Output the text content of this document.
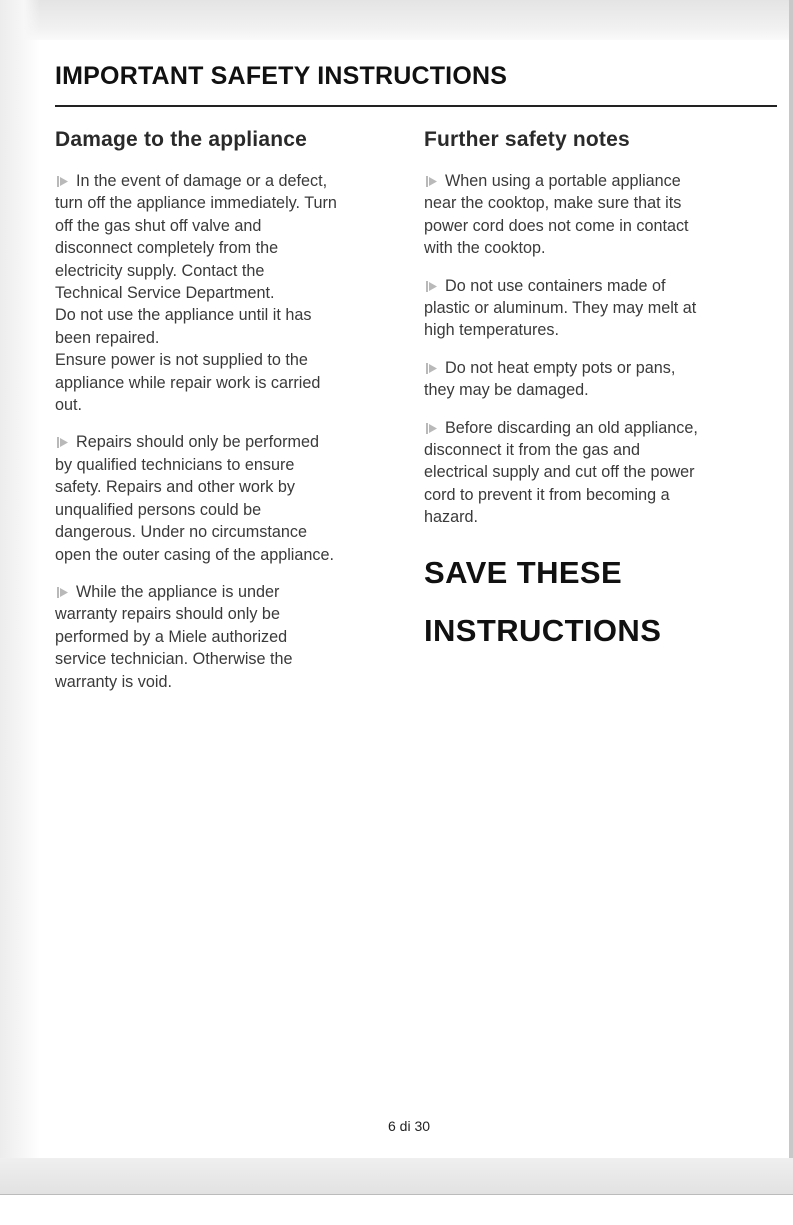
IMPORTANT SAFETY INSTRUCTIONS
Damage to the appliance

In the event of damage or a defect,
turn off the appliance immediately. Turn
off the gas shut off valve and
disconnect completely from the
electricity supply. Contact the
Technical Service Department.
Do not use the appliance until it has
been repaired.
Ensure power is not supplied to the
appliance while repair work is carried
out.

Repairs should only be performed
by qualified technicians to ensure
safety. Repairs and other work by
unqualified persons could be
dangerous. Under no circumstance
open the outer casing of the appliance.

While the appliance is under
warranty repairs should only be
performed by a Miele authorized
service technician. Otherwise the
warranty is void.

Further safety notes

When using a portable appliance
near the cooktop, make sure that its
power cord does not come in contact
with the cooktop.

Do not use containers made of
plastic or aluminum. They may melt at
high temperatures.

Do not heat empty pots or pans,
they may be damaged.

Before discarding an old appliance,
disconnect it from the gas and
electrical supply and cut off the power
cord to prevent it from becoming a
hazard.

SAVE THESE
INSTRUCTIONS
6 di 30
